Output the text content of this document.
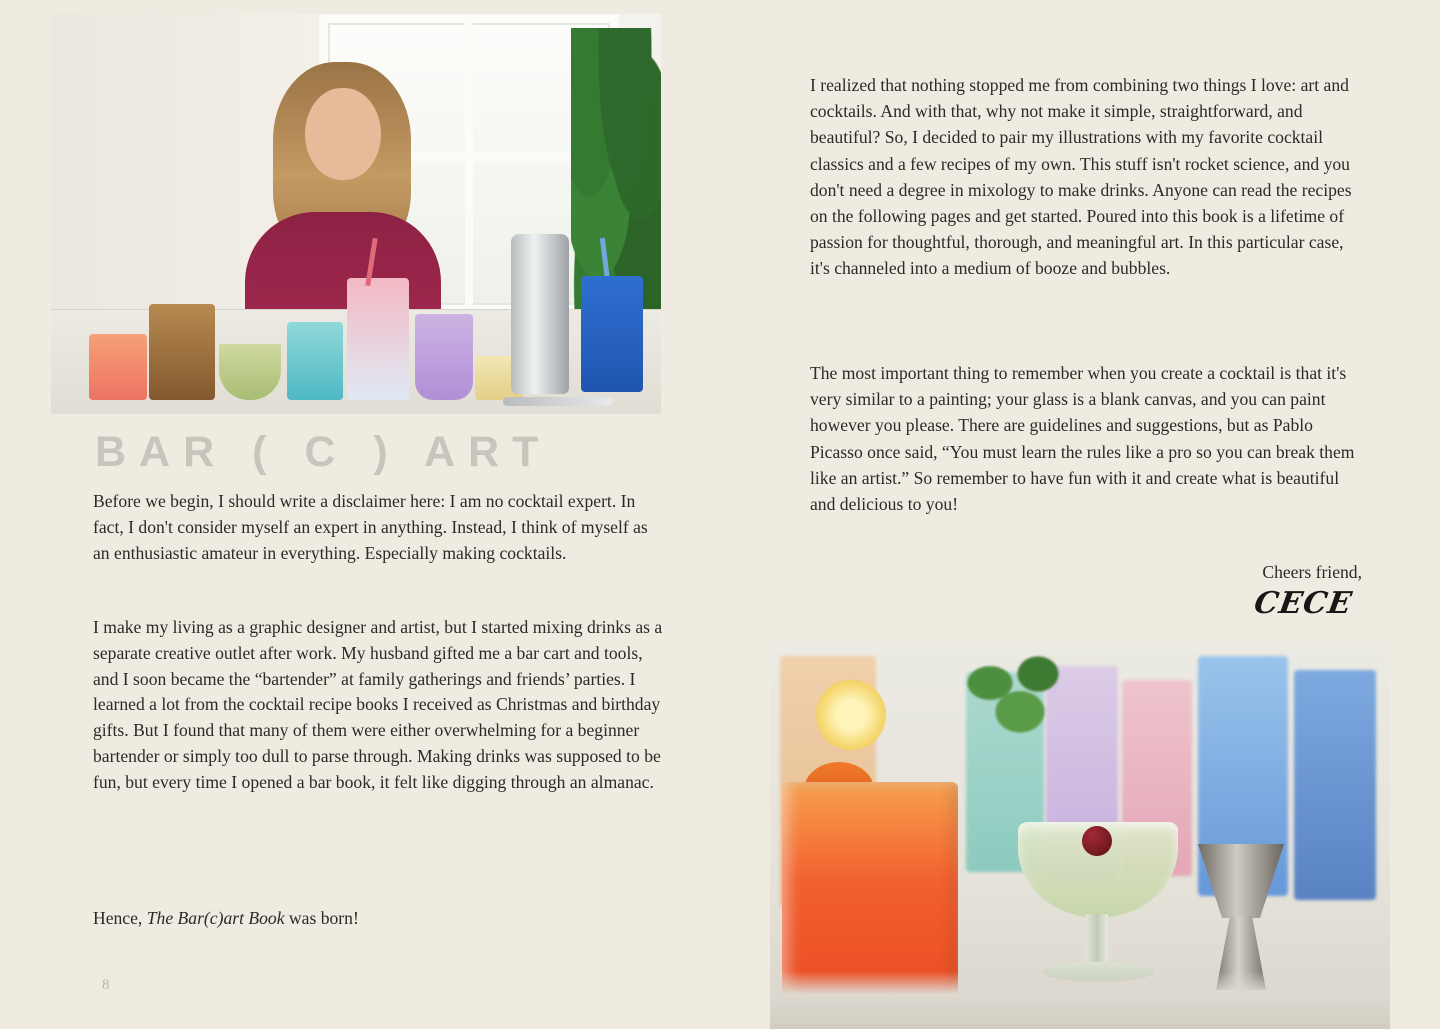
BAR ( C ) ART
Before we begin, I should write a disclaimer here: I am no cocktail expert. In fact, I don't consider myself an expert in anything. Instead, I think of myself as an enthusiastic amateur in everything. Especially making cocktails.
I make my living as a graphic designer and artist, but I started mixing drinks as a separate creative outlet after work. My husband gifted me a bar cart and tools, and I soon became the “bartender” at family gatherings and friends’ parties. I learned a lot from the cocktail recipe books I received as Christmas and birthday gifts. But I found that many of them were either overwhelming for a beginner bartender or simply too dull to parse through. Making drinks was supposed to be fun, but every time I opened a bar book, it felt like digging through an almanac.
Hence, The Bar(c)art Book was born!
8
I realized that nothing stopped me from combining two things I love: art and cocktails. And with that, why not make it simple, straightforward, and beautiful? So, I decided to pair my illustrations with my favorite cocktail classics and a few recipes of my own. This stuff isn't rocket science, and you don't need a degree in mixology to make drinks. Anyone can read the recipes on the following pages and get started. Poured into this book is a lifetime of passion for thoughtful, thorough, and meaningful art. In this particular case, it's channeled into a medium of booze and bubbles.
The most important thing to remember when you create a cocktail is that it's very similar to a painting; your glass is a blank canvas, and you can paint however you please. There are guidelines and suggestions, but as Pablo Picasso once said, “You must learn the rules like a pro so you can break them like an artist.” So remember to have fun with it and create what is beautiful and delicious to you!
Cheers friend,
CECE
